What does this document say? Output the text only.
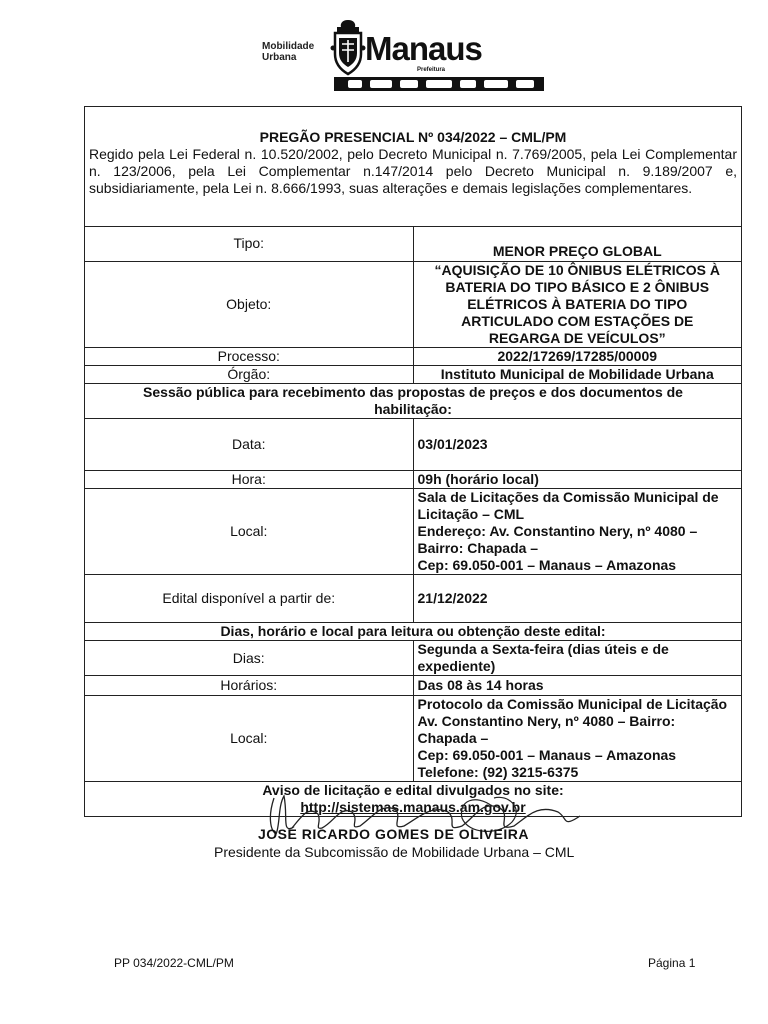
Mobilidade
Urbana
	Manaus
Prefeitura
PREGÃO PRESENCIAL Nº 034/2022 – CML/PM
Regido pela Lei Federal n. 10.520/2002, pelo Decreto Municipal n. 7.769/2005, pela Lei Complementar n. 123/2006, pela Lei Complementar n.147/2014 pelo Decreto Municipal n. 9.189/2007 e, subsidiariamente, pela Lei n. 8.666/1993, suas alterações e demais legislações complementares.	

Tipo:	MENOR PREÇO GLOBAL
Objeto:	“AQUISIÇÃO DE 10 ÔNIBUS ELÉTRICOS À BATERIA DO TIPO BÁSICO E 2 ÔNIBUS ELÉTRICOS À BATERIA DO TIPO ARTICULADO COM ESTAÇÕES DE REGARGA DE VEÍCULOS”
Processo:	2022/17269/17285/00009
Órgão:	Instituto Municipal de Mobilidade Urbana
Sessão pública para recebimento das propostas de preços e dos documentos de habilitação:	
Data:	03/01/2023
Hora:	09h (horário local)
Local:	Sala de Licitações da Comissão Municipal de Licitação – CML
Endereço: Av. Constantino Nery, nº 4080 – Bairro: Chapada –
Cep: 69.050-001 – Manaus – Amazonas

Edital disponível a partir de:	21/12/2022
Dias, horário e local para leitura ou obtenção deste edital:	
Dias:	Segunda a Sexta-feira (dias úteis e de expediente)
Horários:	Das 08 às 14 horas
Local:	Protocolo da Comissão Municipal de Licitação
Av. Constantino Nery, nº 4080 – Bairro: Chapada –
Cep: 69.050-001 – Manaus – Amazonas
Telefone: (92) 3215-6375

Aviso de licitação e edital divulgados no site:
http://sistemas.manaus.am.gov.br	
JOSÉ RICARDO GOMES DE OLIVEIRA
Presidente da Subcomissão de Mobilidade Urbana – CML
PP 034/2022-CML/PM	Página 1
